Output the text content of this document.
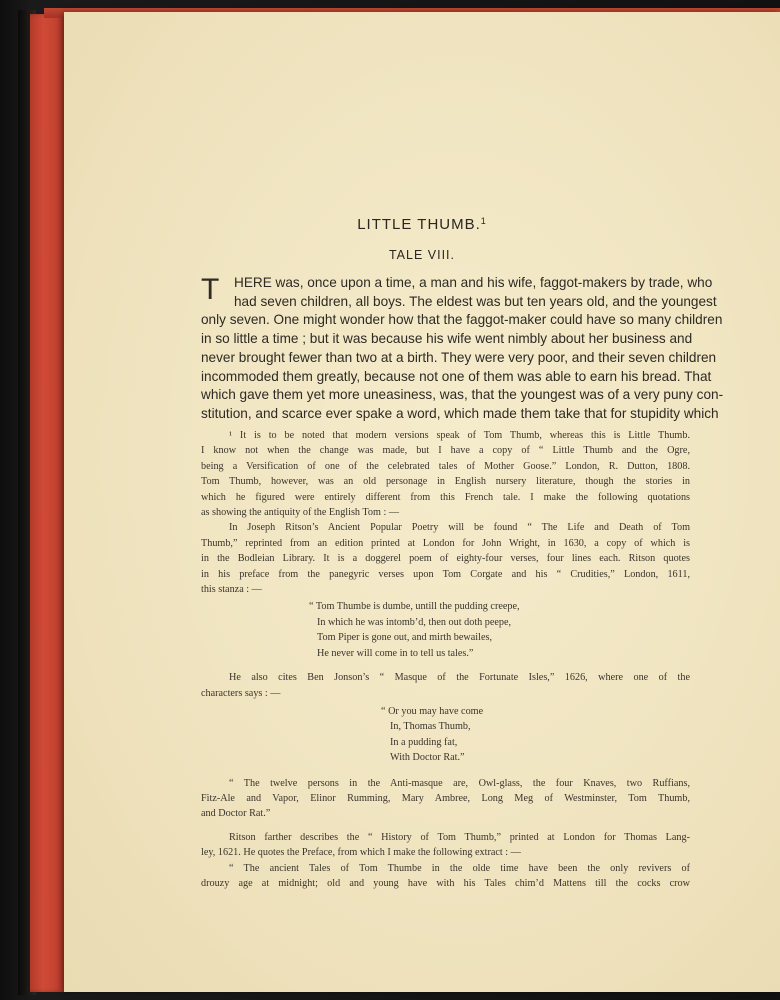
LITTLE THUMB.$^1$
TALE VIII.
T	HERE was, once upon a time, a man and his wife, faggot-makers by trade, who
had seven children, all boys. The eldest was but ten years old, and the youngest
only seven. One might wonder how that the faggot-maker could have so many children
in so little a time ; but it was because his wife went nimbly about her business and
never brought fewer than two at a birth. They were very poor, and their seven children
incommoded them greatly, because not one of them was able to earn his bread. That
which gave them yet more uneasiness, was, that the youngest was of a very puny con-
stitution, and scarce ever spake a word, which made them take that for stupidity which
¹ It is to be noted that modern versions speak of Tom Thumb, whereas this is Little Thumb.
I know not when the change was made, but I have a copy of “ Little Thumb and the Ogre,
being a Versification of one of the celebrated tales of Mother Goose.” London, R. Dutton, 1808.
Tom Thumb, however, was an old personage in English nursery literature, though the stories in
which he figured were entirely different from this French tale. I make the following quotations
as showing the antiquity of the English Tom : —
In Joseph Ritson’s Ancient Popular Poetry will be found “ The Life and Death of Tom
Thumb,” reprinted from an edition printed at London for John Wright, in 1630, a copy of which is
in the Bodleian Library. It is a doggerel poem of eighty-four verses, four lines each. Ritson quotes
in his preface from the panegyric verses upon Tom Corgate and his “ Crudities,” London, 1611,
this stanza : —
“ Tom Thumbe is dumbe, untill the pudding creepe,
In which he was intomb’d, then out doth peepe,
Tom Piper is gone out, and mirth bewailes,
He never will come in to tell us tales.”
He also cites Ben Jonson’s “ Masque of the Fortunate Isles,” 1626, where one of the
characters says : —
“ Or you may have come
In, Thomas Thumb,
In a pudding fat,
With Doctor Rat.”
“ The twelve persons in the Anti-masque are, Owl-glass, the four Knaves, two Ruffians,
Fitz-Ale and Vapor, Elinor Rumming, Mary Ambree, Long Meg of Westminster, Tom Thumb,
and Doctor Rat.”
Ritson farther describes the “ History of Tom Thumb,” printed at London for Thomas Lang-
ley, 1621. He quotes the Preface, from which I make the following extract : —
“ The ancient Tales of Tom Thumbe in the olde time have been the only revivers of
drouzy age at midnight; old and young have with his Tales chim’d Mattens till the cocks crow
